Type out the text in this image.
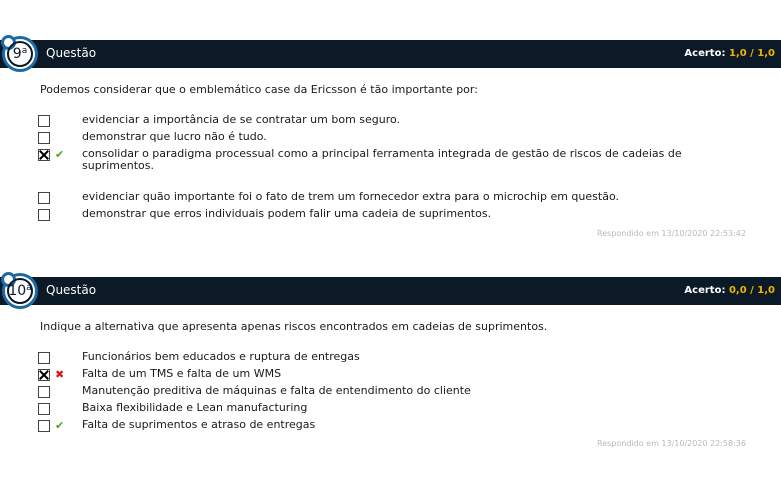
Questão	Acerto: 1,0 / 1,0
9$^a$
Podemos considerar que o emblemático case da Ericsson é tão importante por:
evidenciar a importância de se contratar um bom seguro.
demonstrar que lucro não é tudo.
✔ consolidar o paradigma processual como a principal ferramenta integrada de gestão de riscos de cadeias de suprimentos.
evidenciar quão importante foi o fato de trem um fornecedor extra para o microchip em questão.
demonstrar que erros individuais podem falir uma cadeia de suprimentos.
Respondido em 13/10/2020 22:53:42
Questão	Acerto: 0,0 / 1,0
10$^a$
Indique a alternativa que apresenta apenas riscos encontrados em cadeias de suprimentos.
Funcionários bem educados e ruptura de entregas
✖ Falta de um TMS e falta de um WMS
Manutenção preditiva de máquinas e falta de entendimento do cliente
Baixa flexibilidade e Lean manufacturing
✔ Falta de suprimentos e atraso de entregas
Respondido em 13/10/2020 22:58:36
